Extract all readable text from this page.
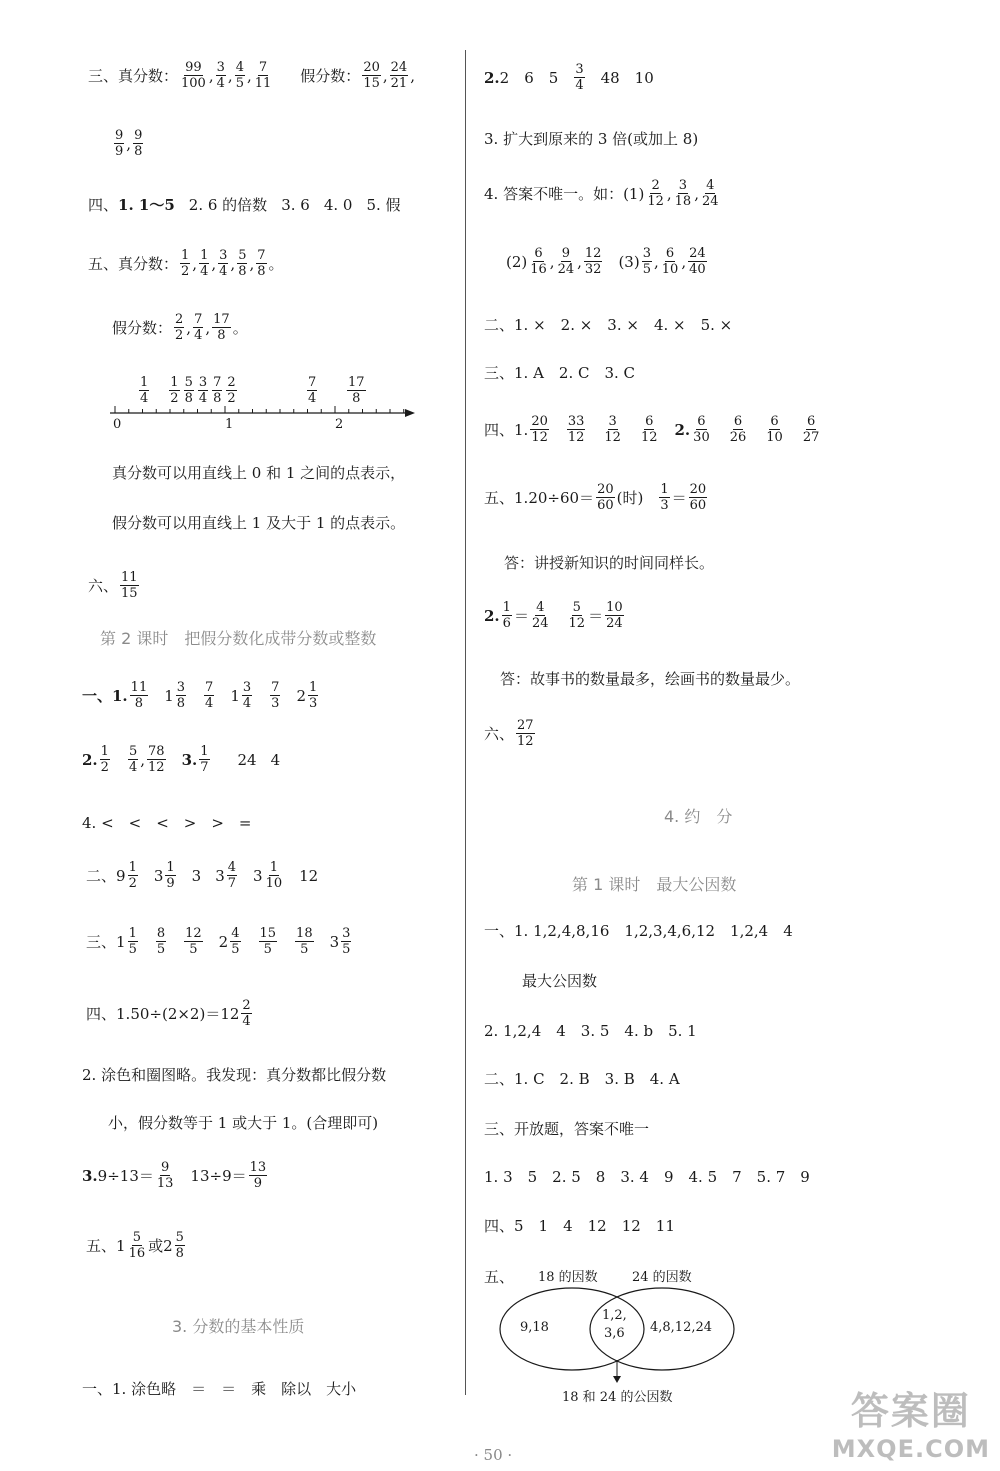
三、真分数： $\frac{99}{100}$ , $\frac{3}{4}$ , $\frac{4}{5}$ , $\frac{7}{11}$ 假分数： $\frac{20}{15}$ , $\frac{24}{21}$ ,
$\frac{9}{9}$ , $\frac{9}{8}$
四、 1. 1～5 2. 6 的倍数 3. 6 4. 0 5. 假
五、真分数： $\frac{1}{2}$ , $\frac{1}{4}$ , $\frac{3}{4}$ , $\frac{5}{8}$ , $\frac{7}{8}$ 。
假分数： $\frac{2}{2}$ , $\frac{7}{4}$ , $\frac{17}{8}$ 。
0	1	2
$\frac{1}{4} \frac{1}{2} \frac{5}{8} \frac{3}{4} \frac{7}{8} \frac{2}{2}$	$\frac{7}{4} \frac{17}{8}$
真分数可以用直线上 0 和 1 之间的点表示，
假分数可以用直线上 1 及大于 1 的点表示。
六、 $\frac{11}{15}$
第 2 课时　把假分数化成带分数或整数
一、1. $\frac{11}{8} 1 \frac{3}{8} \frac{7}{4} 1 \frac{3}{4} \frac{7}{3} 2 \frac{1}{3}$
2. $\frac{1}{2} \frac{5}{4}$ , $\frac{78}{12} 3$. $\frac{1}{7} 24$ 4
4. <　<　<　>　>　=
二、 $9 \frac{1}{2} 3 \frac{1}{9} 3$ $3 \frac{4}{7} 3 \frac{1}{10} 12$
三、 $1 \frac{1}{5} \frac{8}{5} \frac{12}{5} 2 \frac{4}{5} \frac{15}{5} \frac{18}{5} 3 \frac{3}{5}$
四、1. $50\div(2\times 2)=12 \frac{2}{4}$
2. 涂色和圈图略。我发现：真分数都比假分数
小，假分数等于 1 或大于 1。(合理即可)
3. $9\div 13= \frac{9}{13} 13\div 9= \frac{13}{9}$
五、 $1 \frac{5}{16}$ 或 $2 \frac{5}{8}$
3. 分数的基本性质
一、1. 涂色略　＝　＝　乘　除以　大小
2. 2　6　$5 \frac{3}{4} 48$　10
3. 扩大到原来的 3 倍(或加上 8)
4. 答案不唯一。如：$(1) \frac{2}{12}$ , $\frac{3}{18}$ , $\frac{4}{24}$
$(2) \frac{6}{16}$ , $\frac{9}{24}$ , $\frac{12}{32} (3) \frac{3}{5}$ , $\frac{6}{10}$ , $\frac{24}{40}$
二、1. ×　2. ×　3. ×　4. ×　5. ×
三、1. A　2. C　3. C
四、1. $\frac{20}{12} \frac{33}{12} \frac{3}{12} \frac{6}{12} 2$. $\frac{6}{30} \frac{6}{26} \frac{6}{10} \frac{6}{27}$
五、1. $20\div 60= \frac{20}{60}$ (时) $\frac{1}{3} = \frac{20}{60}$
答：讲授新知识的时间同样长。
2. $\frac{1}{6} = \frac{4}{24} \frac{5}{12} = \frac{10}{24}$
答：故事书的数量最多，绘画书的数量最少。
六、 $\frac{27}{12}$
4. 约　分
第 1 课时　最大公因数
一、1. 1,2,4,8,16　1,2,3,4,6,12　1,2,4　4
最大公因数
2. 1,2,4　4　3. 5　4. b　5. 1
二、1. C　2. B　3. B　4. A
三、开放题，答案不唯一
1. 3　5　2. 5　8　3. 4　9　4. 5　7　5. 7　9
四、5　1　4　12　12　11
五、 18 的因数	24 的因数
9,18
1,2,
3,6 4,8,12,24
18 和 24 的公因数
· 50 ·
答案圈
MXQE.COM
